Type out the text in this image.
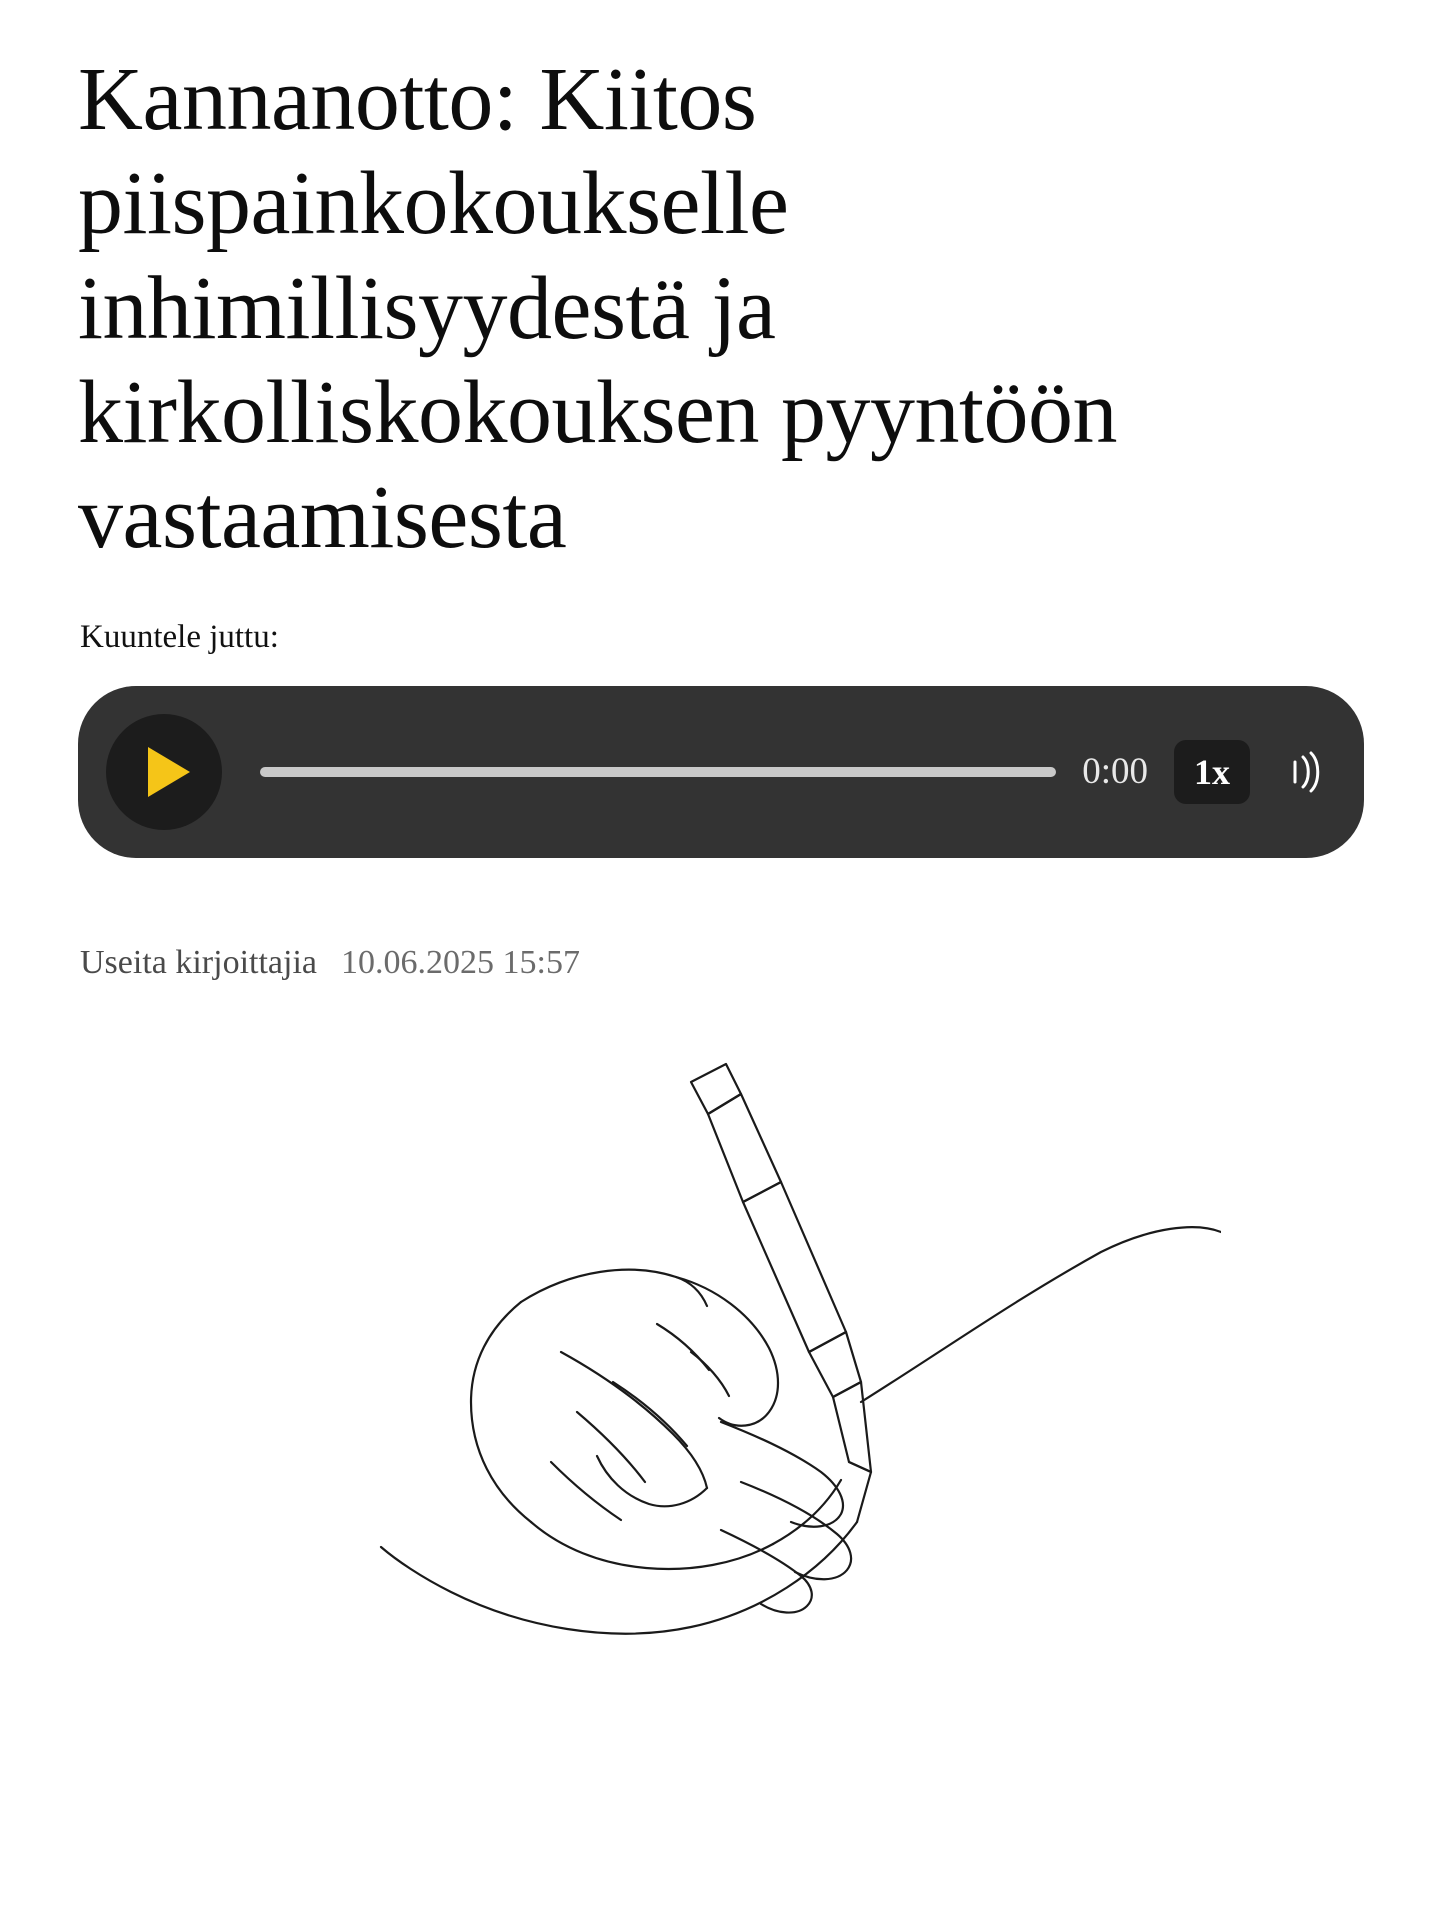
Kannanotto: Kiitos piispainkokoukselle inhimillisyydestä ja kirkolliskokouksen pyyntöön vastaamisesta
Kuuntele juttu:
0:00	1x
Useita kirjoittajia 10.06.2025 15:57
